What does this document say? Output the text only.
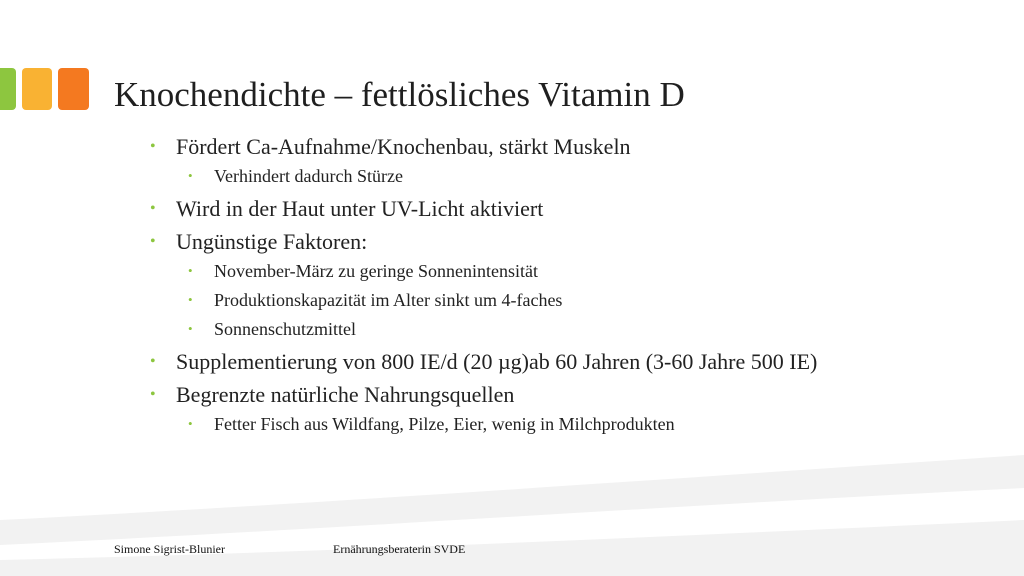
Knochendichte – fettlösliches Vitamin D
• Fördert Ca-Aufnahme/Knochenbau, stärkt Muskeln
• Verhindert dadurch Stürze
• Wird in der Haut unter UV-Licht aktiviert
• Ungünstige Faktoren:
• November-März zu geringe Sonnenintensität
• Produktionskapazität im Alter sinkt um 4-faches
• Sonnenschutzmittel
• Supplementierung von 800 IE/d (20 µg)ab 60 Jahren (3-60 Jahre 500 IE)
• Begrenzte natürliche Nahrungsquellen
• Fetter Fisch aus Wildfang, Pilze, Eier, wenig in Milchprodukten
Simone Sigrist-Blunier	Ernährungsberaterin SVDE
